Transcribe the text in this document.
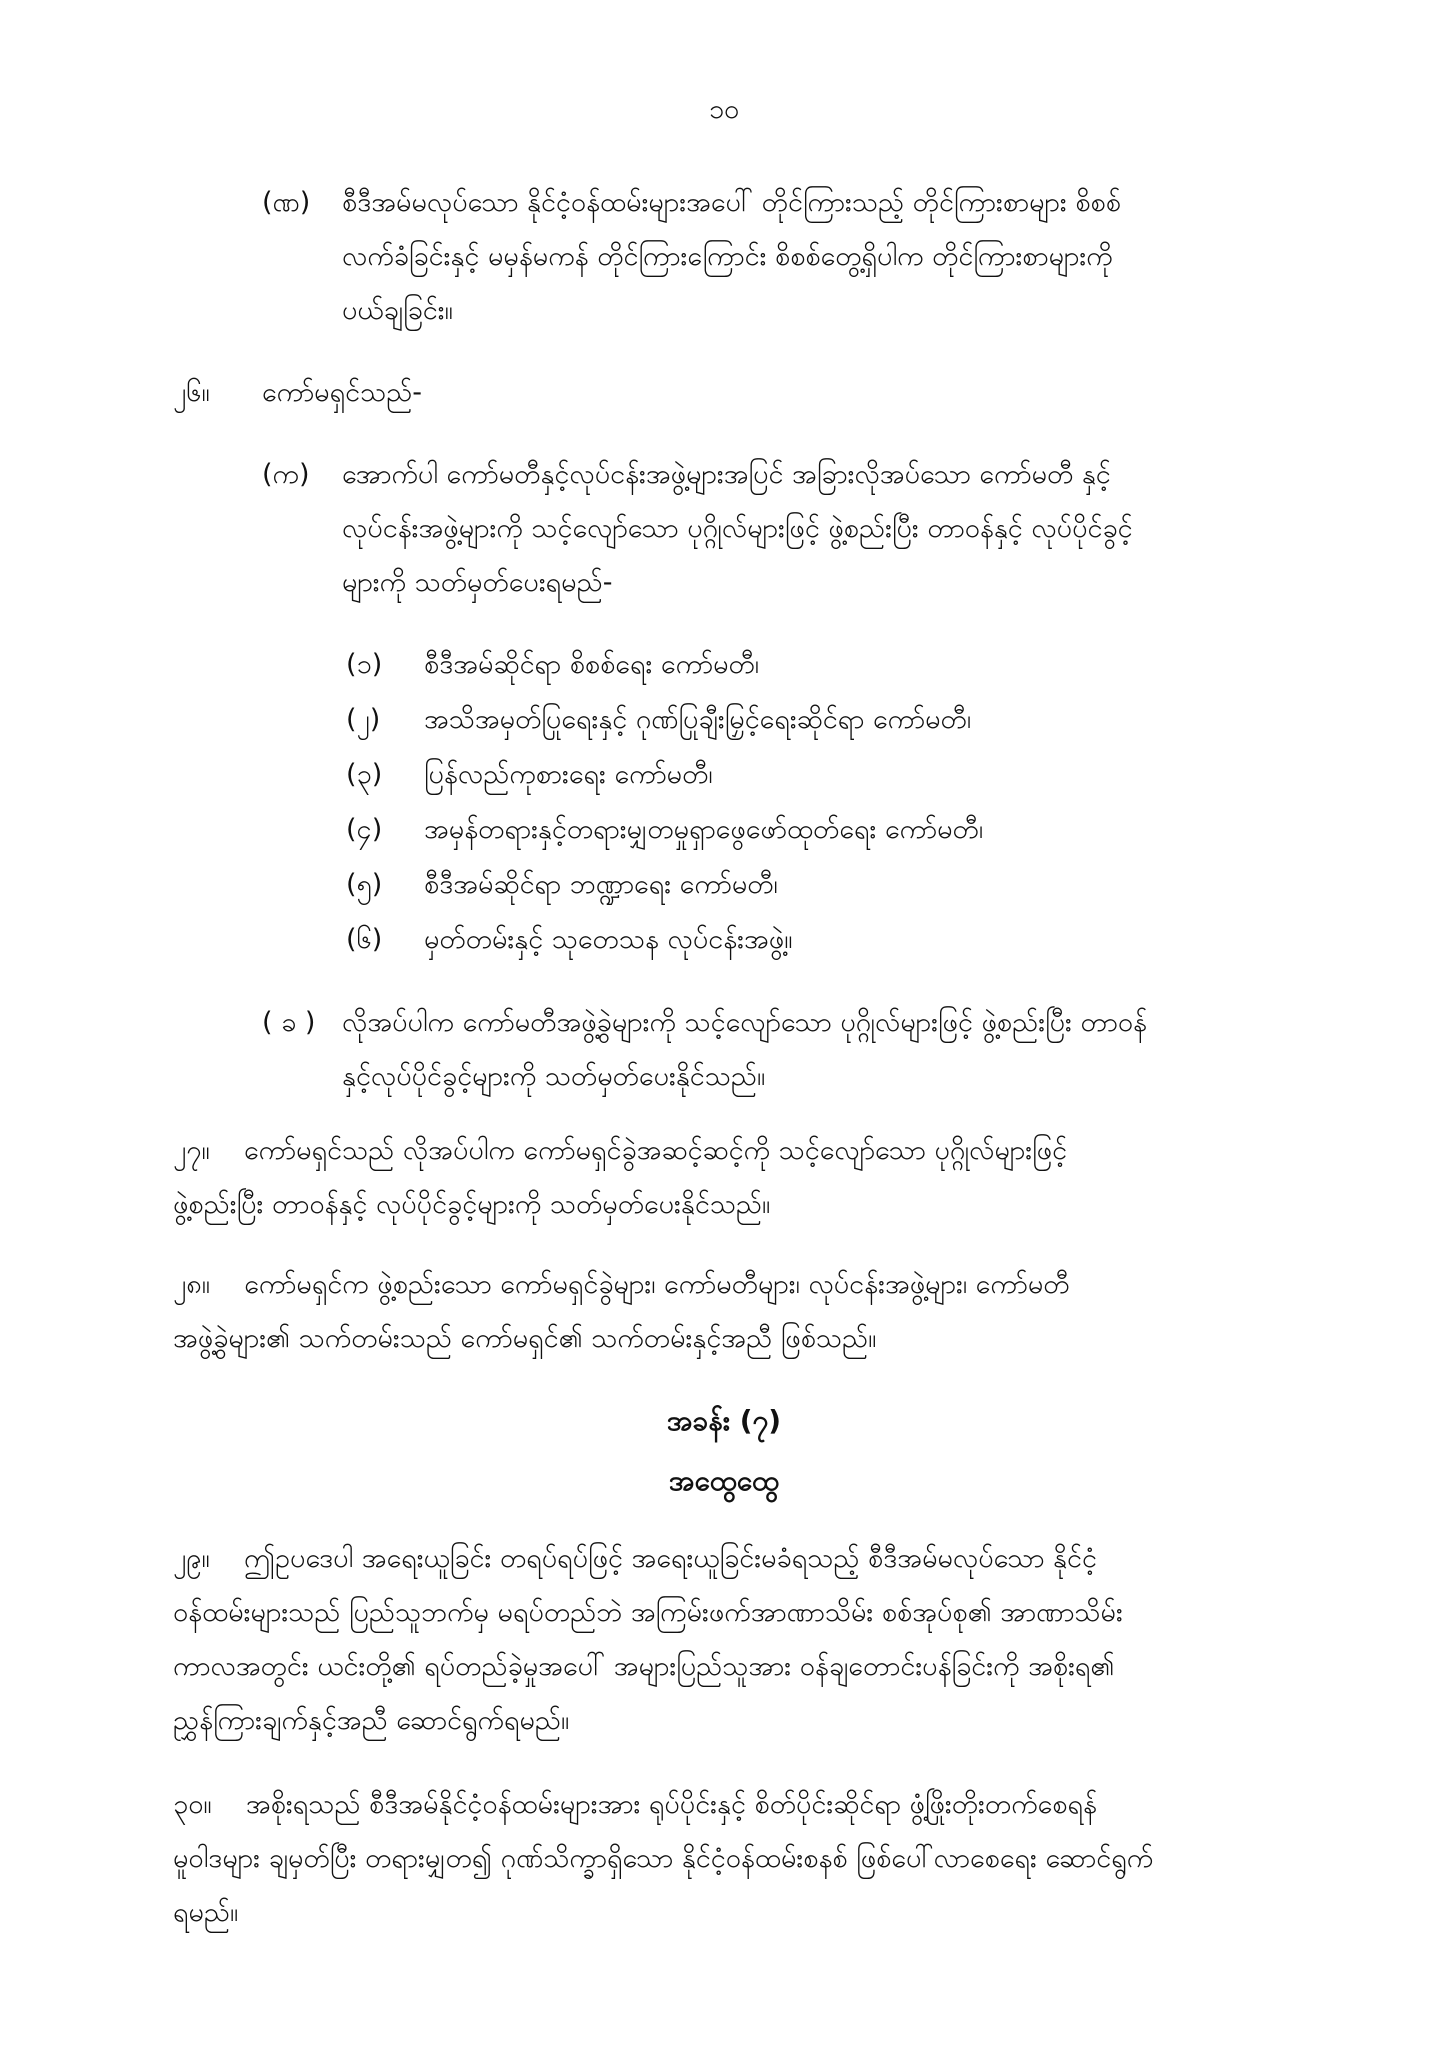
၁၀
(ဏ) စီဒီအမ်မလုပ်သော နိုင်ငံ့ဝန်ထမ်းများအပေါ် တိုင်ကြားသည့် တိုင်ကြားစာများ စိစစ်
လက်ခံခြင်းနှင့် မမှန်မကန် တိုင်ကြားကြောင်း စိစစ်တွေ့ရှိပါက တိုင်ကြားစာများကို
ပယ်ချခြင်း။
၂၆။ ကော်မရှင်သည်-
(က) အောက်ပါ ကော်မတီနှင့်လုပ်ငန်းအဖွဲ့များအပြင် အခြားလိုအပ်သော ကော်မတီ နှင့်
လုပ်ငန်းအဖွဲ့များကို သင့်လျော်သော ပုဂ္ဂိုလ်များဖြင့် ဖွဲ့စည်းပြီး တာဝန်နှင့် လုပ်ပိုင်ခွင့်
များကို သတ်မှတ်ပေးရမည်-
(၁) စီဒီအမ်ဆိုင်ရာ စိစစ်ရေး ကော်မတီ၊
(၂) အသိအမှတ်ပြုရေးနှင့် ဂုဏ်ပြုချီးမြှင့်ရေးဆိုင်ရာ ကော်မတီ၊
(၃) ပြန်လည်ကုစားရေး ကော်မတီ၊
(၄) အမှန်တရားနှင့်တရားမျှတမှုရှာဖွေဖော်ထုတ်ရေး ကော်မတီ၊
(၅) စီဒီအမ်ဆိုင်ရာ ဘဏ္ဍာရေး ကော်မတီ၊
(၆) မှတ်တမ်းနှင့် သုတေသန လုပ်ငန်းအဖွဲ့။
( ခ ) လိုအပ်ပါက ကော်မတီအဖွဲ့ခွဲများကို သင့်လျော်သော ပုဂ္ဂိုလ်များဖြင့် ဖွဲ့စည်းပြီး တာဝန်
နှင့်လုပ်ပိုင်ခွင့်များကို သတ်မှတ်ပေးနိုင်သည်။
၂၇။ ကော်မရှင်သည် လိုအပ်ပါက ကော်မရှင်ခွဲအဆင့်ဆင့်ကို သင့်လျော်သော ပုဂ္ဂိုလ်များဖြင့်
ဖွဲ့စည်းပြီး တာဝန်နှင့် လုပ်ပိုင်ခွင့်များကို သတ်မှတ်ပေးနိုင်သည်။
၂၈။ ကော်မရှင်က ဖွဲ့စည်းသော ကော်မရှင်ခွဲများ၊ ကော်မတီများ၊ လုပ်ငန်းအဖွဲ့များ၊ ကော်မတီ
အဖွဲ့ခွဲများ၏ သက်တမ်းသည် ကော်မရှင်၏ သက်တမ်းနှင့်အညီ ဖြစ်သည်။
အခန်း (၇)
အထွေထွေ
၂၉။ ဤဥပဒေပါ အရေးယူခြင်း တရပ်ရပ်ဖြင့် အရေးယူခြင်းမခံရသည့် စီဒီအမ်မလုပ်သော နိုင်ငံ့
ဝန်ထမ်းများသည် ပြည်သူဘက်မှ မရပ်တည်ဘဲ အကြမ်းဖက်အာဏာသိမ်း စစ်အုပ်စု၏ အာဏာသိမ်း
ကာလအတွင်း ယင်းတို့၏ ရပ်တည်ခဲ့မှုအပေါ် အများပြည်သူအား ဝန်ချတောင်းပန်ခြင်းကို အစိုးရ၏
ညွှန်ကြားချက်နှင့်အညီ ဆောင်ရွက်ရမည်။
၃၀။ အစိုးရသည် စီဒီအမ်နိုင်ငံ့ဝန်ထမ်းများအား ရုပ်ပိုင်းနှင့် စိတ်ပိုင်းဆိုင်ရာ ဖွံ့ဖြိုးတိုးတက်စေရန်
မူဝါဒများ ချမှတ်ပြီး တရားမျှတ၍ ဂုဏ်သိက္ခာရှိသော နိုင်ငံ့ဝန်ထမ်းစနစ် ဖြစ်ပေါ်လာစေရေး ဆောင်ရွက်
ရမည်။
